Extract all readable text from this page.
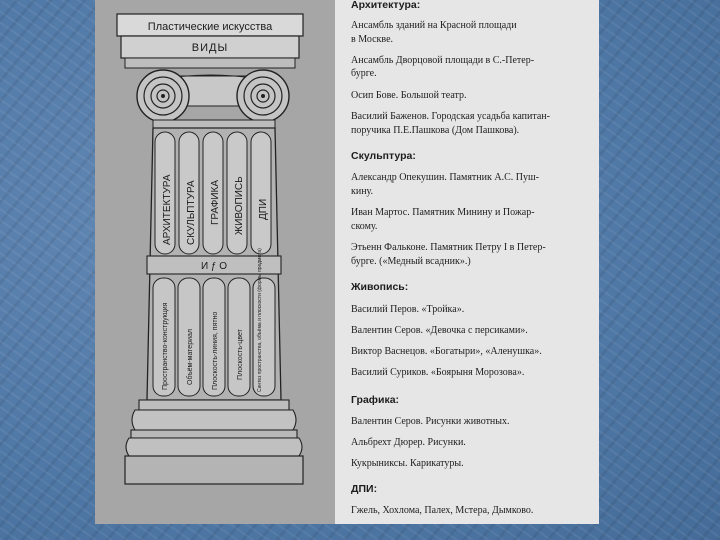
Пластические искусства
ВИДЫ
АРХИТЕКТУРА СКУЛЬПТУРА ГРАФИКА ЖИВОПИСЬ ДПИ
И ƒ О
Пространство-конструкция	Объём-материал	Плоскость-линия, пятно	Плоскость-цвет	Синтез пространства, объёма и плоскости (формы предмета)
Архитектура:
Ансамбль зданий на Красной площади
в Москве.
Ансамбль Дворцовой площади в С.-Петер-
бурге.
Осип Бове. Большой театр.
Василий Баженов. Городская усадьба капитан-
поручика П.Е.Пашкова (Дом Пашкова).
Скульптура:
Александр Опекушин. Памятник А.С. Пуш-
кину.
Иван Мартос. Памятник Минину и Пожар-
скому.
Этьенн Фальконе. Памятник Петру I в Петер-
бурге. («Медный всадник».)
Живопись:
Василий Перов. «Тройка».
Валентин Серов. «Девочка с персиками».
Виктор Васнецов. «Богатыри», «Аленушка».
Василий Суриков. «Боярыня Морозова».
Графика:
Валентин Серов. Рисунки животных.
Альбрехт Дюрер. Рисунки.
Кукрыниксы. Карикатуры.
ДПИ:
Гжель, Хохлома, Палех, Мстера, Дымково.
